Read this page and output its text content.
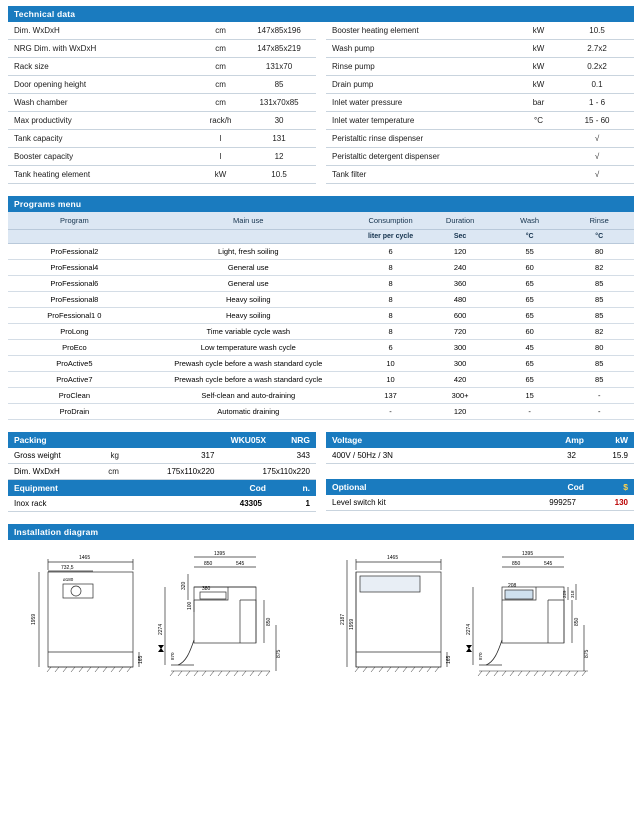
Technical data
Dim. WxDxH	cm	147x85x196
NRG Dim. with WxDxH	cm	147x85x219
Rack size	cm	131x70
Door opening height	cm	85
Wash chamber	cm	131x70x85
Max productivity	rack/h	30
Tank capacity	l	131
Booster capacity	l	12
Tank heating element	kW	10.5
Booster heating element	kW	10.5
Wash pump	kW	2.7x2
Rinse pump	kW	0.2x2
Drain pump	kW	0.1
Inlet water pressure	bar	1 - 6
Inlet water temperature	°C	15 - 60
Peristaltic rinse dispenser		√
Peristaltic detergent dispenser		√
Tank filter		√
Programs menu
Program	Main use	Consumption	Duration	Wash	Rinse
		liter per cycle	Sec	°C	°C
ProFessional2	Light, fresh soiling	6	120	55	80
ProFessional4	General use	8	240	60	82
ProFessional6	General use	8	360	65	85
ProFessional8	Heavy soiling	8	480	65	85
ProFessional1 0	Heavy soiling	8	600	65	85
ProLong	Time variable cycle wash	8	720	60	82
ProEco	Low temperature wash cycle	6	300	45	80
ProActive5	Prewash cycle before a wash standard cycle	10	300	65	85
ProActive7	Prewash cycle before a wash standard cycle	10	420	65	85
ProClean	Self-clean and auto-draining	137	300+	15	-
ProDrain	Automatic draining	-	120	-	-
Packing	WKU05X	NRG
Gross weight	kg	317	343
Dim. WxDxH	cm	175x110x220	175x110x220
Equipment	Cod	n.
Inox rack	43305	1
Voltage	Amp	kW
400V / 50Hz / 3N	32	15.9

Optional	Cod	$
Level switch kit	999257	130
Installation diagram
1465
732,5
ø180
1959
165
1395
850	545
320	380
100
2274
870
850
875
1465
2187 1959
165
1395
850	545
208
2274
870
229 318
850
875
